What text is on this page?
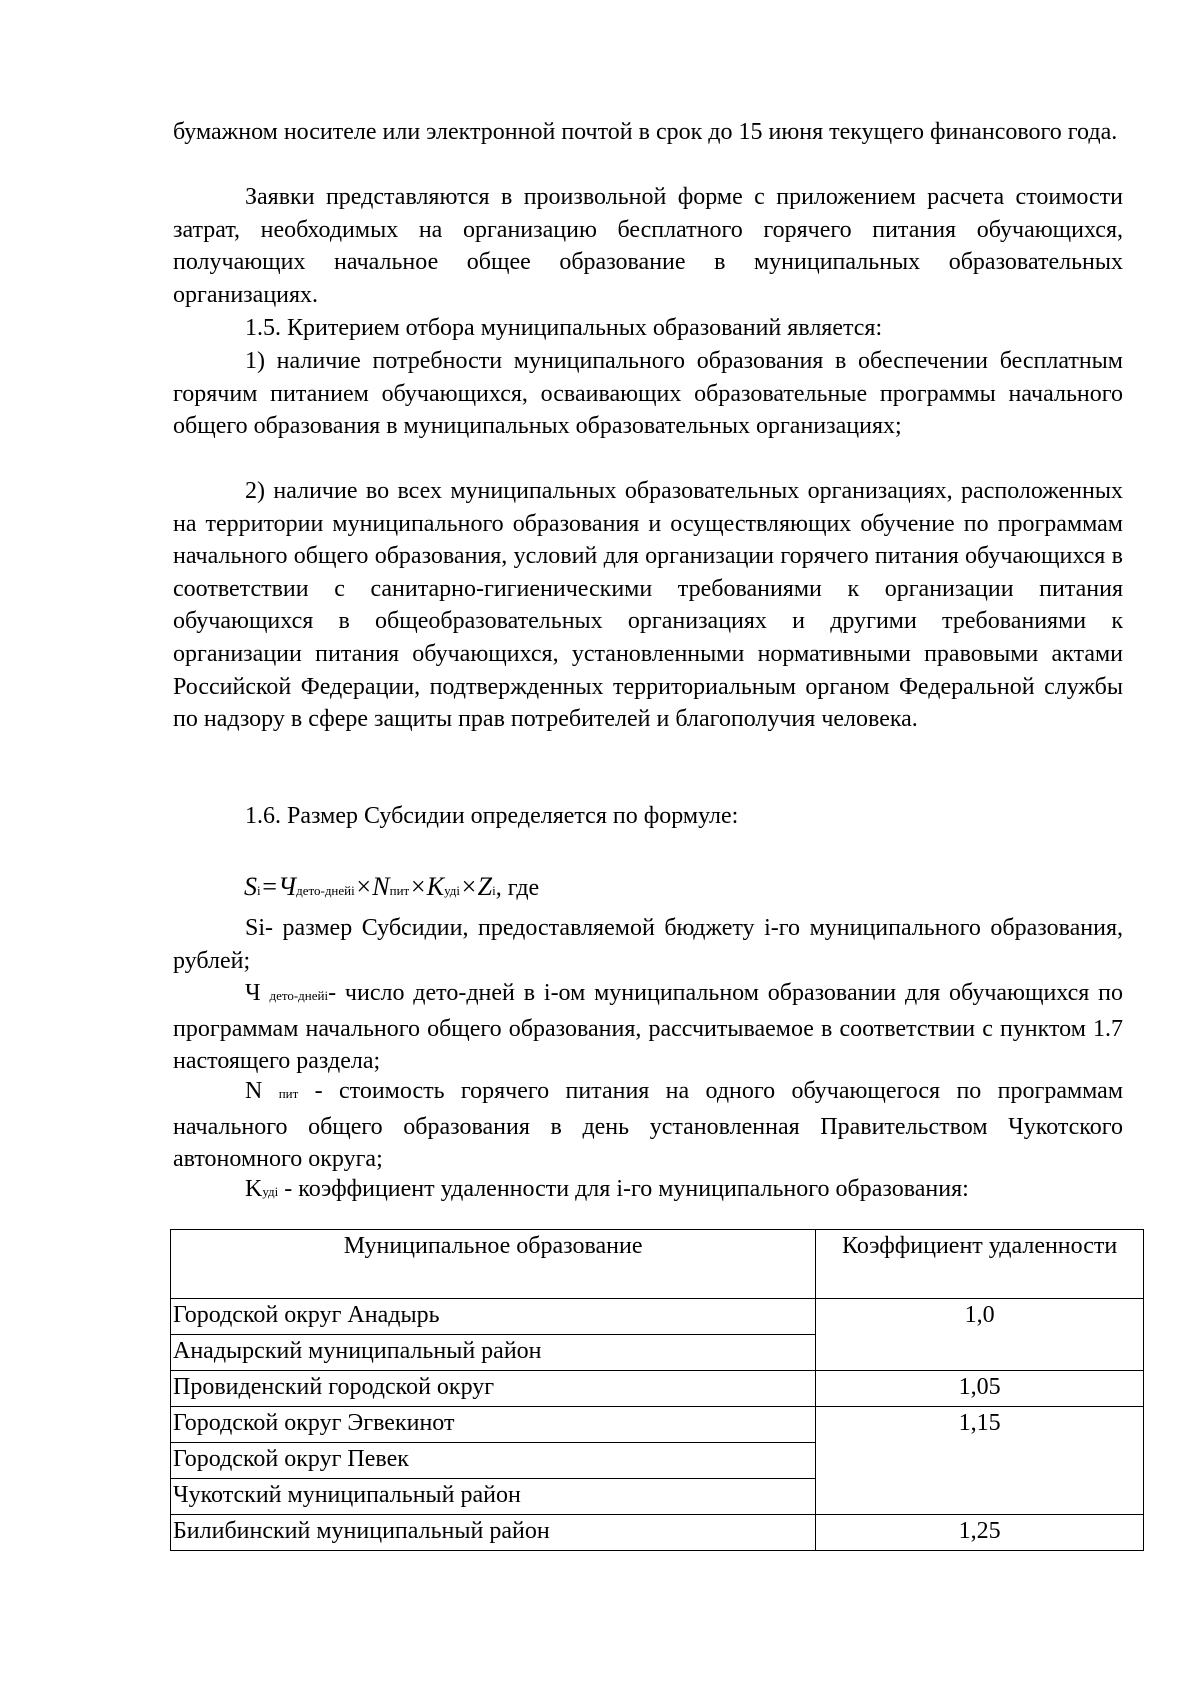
бумажном носителе или электронной почтой в срок до 15 июня текущего финансового года.

Заявки представляются в произвольной форме с приложением расчета стоимости затрат, необходимых на организацию бесплатного горячего питания обучающихся, получающих начальное общее образование в муниципальных образовательных организациях.

1.5. Критерием отбора муниципальных образований является:

1) наличие потребности муниципального образования в обеспечении бесплатным горячим питанием обучающихся, осваивающих образовательные программы начального общего образования в муниципальных образовательных организациях;

2) наличие во всех муниципальных образовательных организациях, расположенных на территории муниципального образования и осуществляющих обучение по программам начального общего образования, условий для организации горячего питания обучающихся в соответствии с санитарно-гигиеническими требованиями к организации питания обучающихся в общеобразовательных организациях и другими требованиями к организации питания обучающихся, установленными нормативными правовыми актами Российской Федерации, подтвержденных территориальным органом Федеральной службы по надзору в сфере защиты прав потребителей и благополучия человека.

1.6. Размер Субсидии определяется по формуле:

Si=Чдето-днейi×Nпит×Kудi×Zi, где

Si- размер Субсидии, предоставляемой бюджету i-го муниципального образования, рублей;

Ч дето-днейi- число дето-дней в i-ом муниципальном образовании для обучающихся по программам начального общего образования, рассчитываемое в соответствии с пунктом 1.7 настоящего раздела;

N пит - стоимость горячего питания на одного обучающегося по программам начального общего образования в день установленная Правительством Чукотского автономного округа;

Kудi - коэффициент удаленности для i-го муниципального образования:

Муниципальное образование	Коэффициент удаленности
Городской округ Анадырь	1,0
Анадырский муниципальный район	
Провиденский городской округ	1,05
Городской округ Эгвекинот	1,15
Городской округ Певек	
Чукотский муниципальный район	
Билибинский муниципальный район	1,25
